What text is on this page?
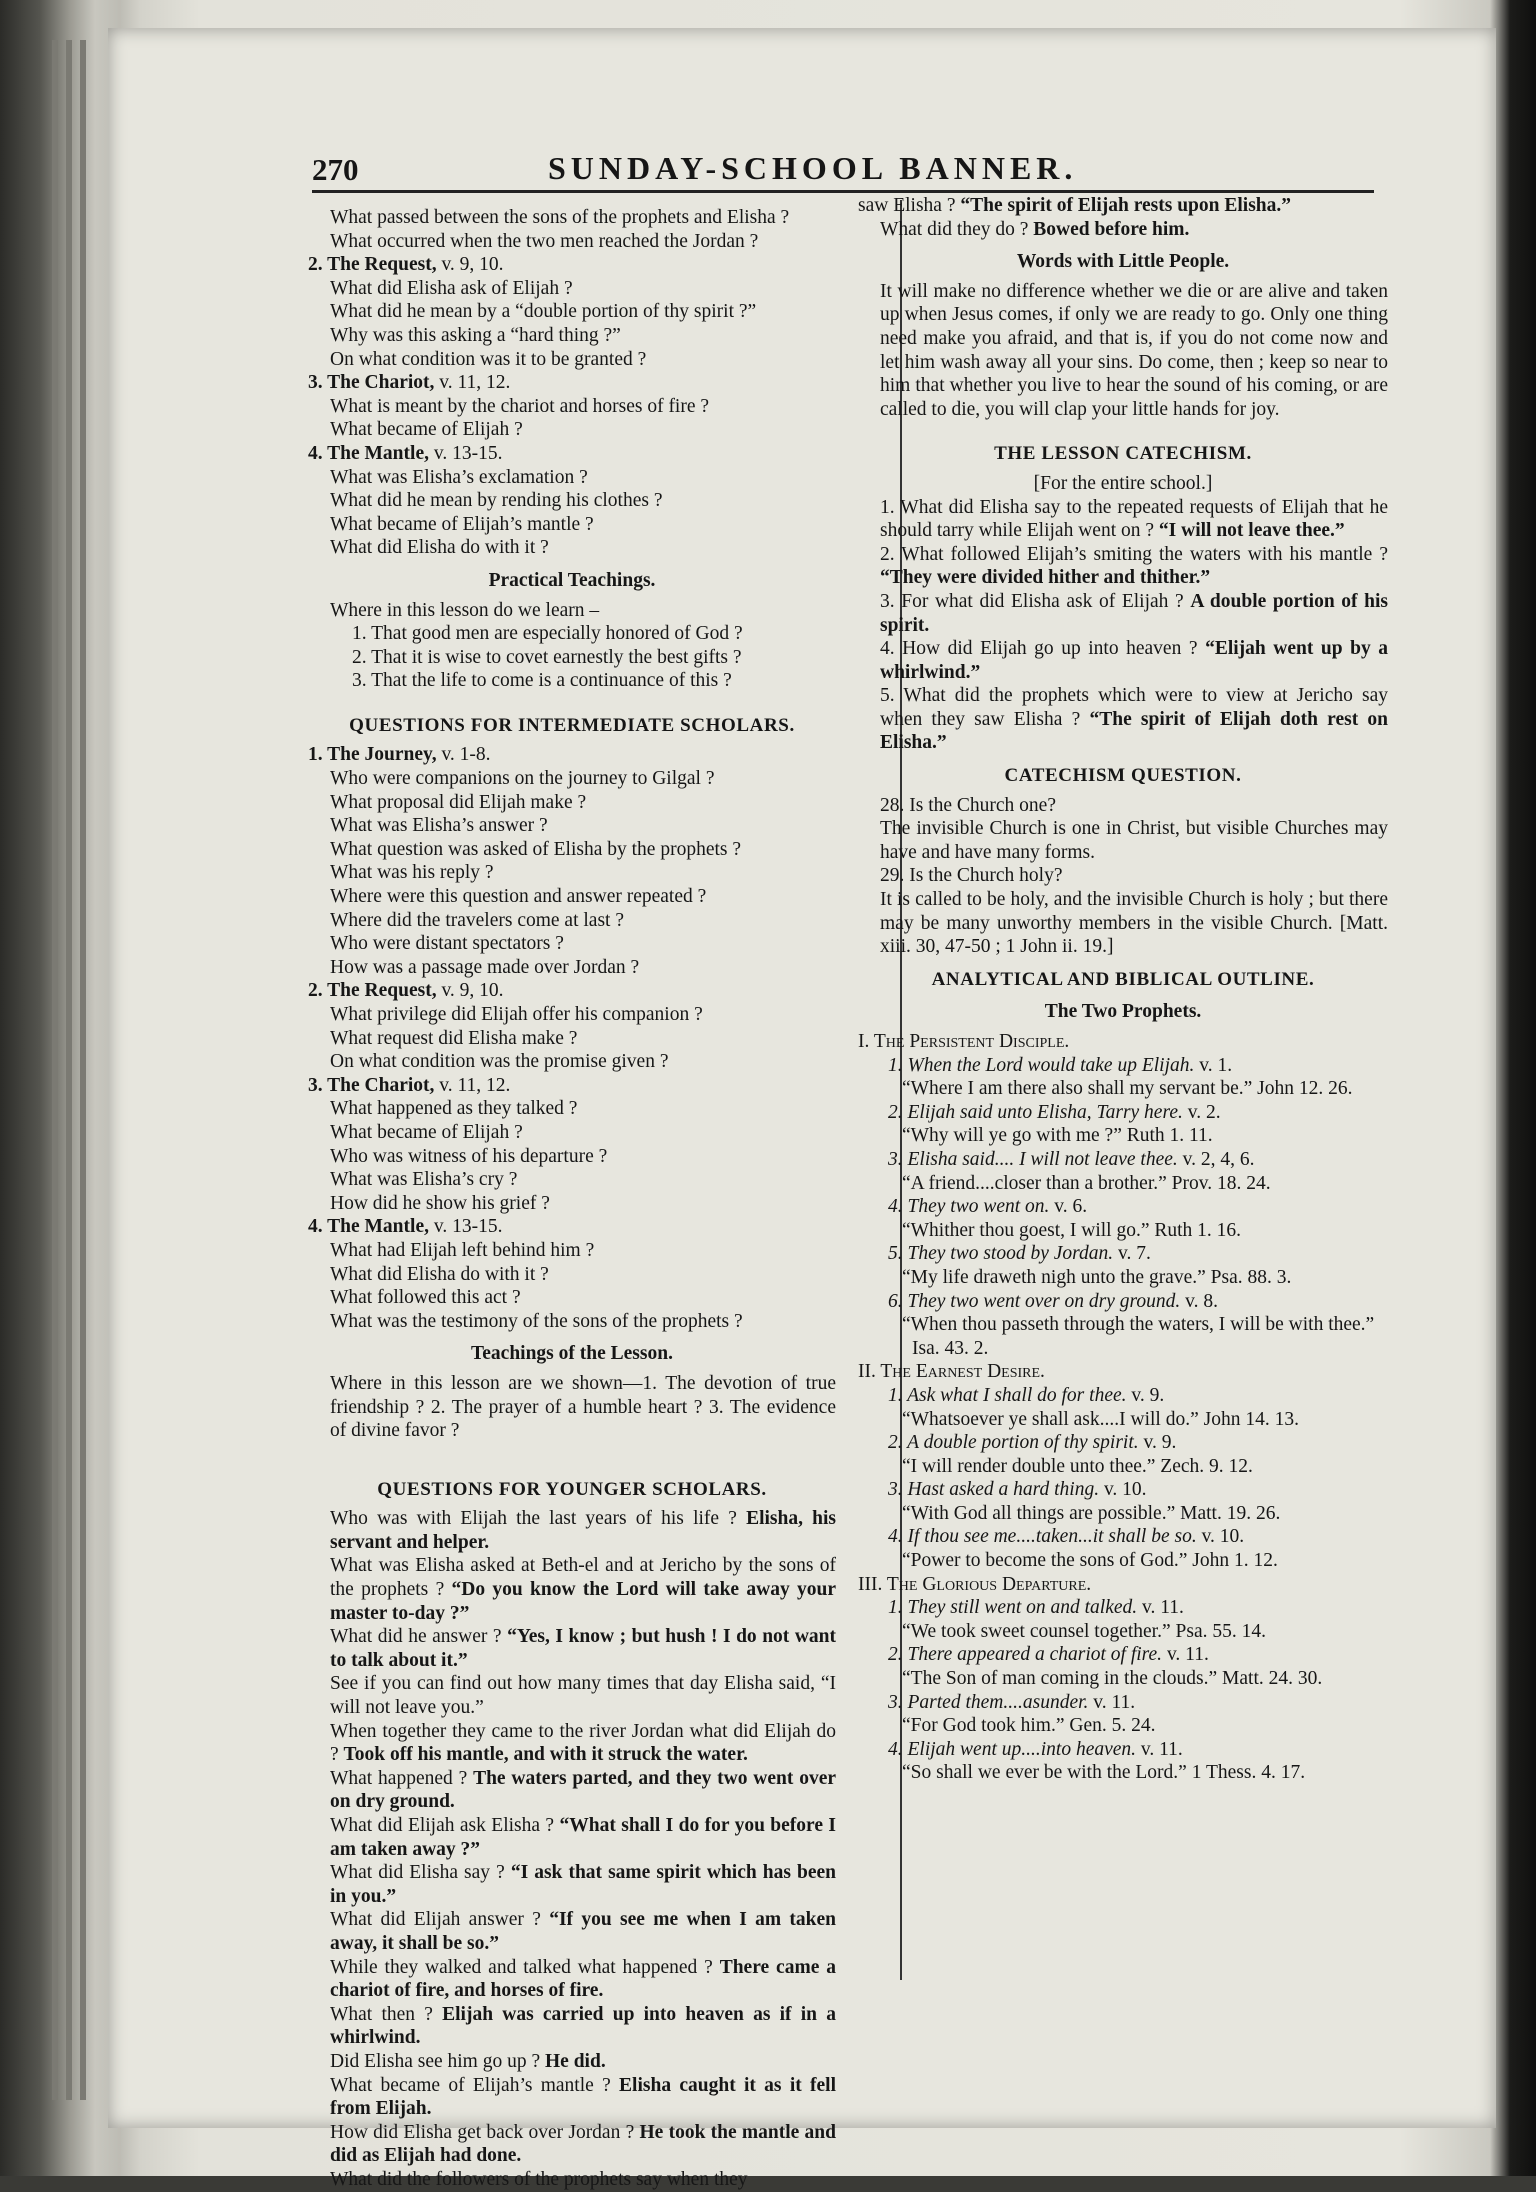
270	SUNDAY-SCHOOL BANNER.

What passed between the sons of the prophets and Elisha ?

What occurred when the two men reached the Jordan ?

2. The Request, v. 9, 10.

What did Elisha ask of Elijah ?

What did he mean by a “double portion of thy spirit ?”

Why was this asking a “hard thing ?”

On what condition was it to be granted ?

3. The Chariot, v. 11, 12.

What is meant by the chariot and horses of fire ?

What became of Elijah ?

4. The Mantle, v. 13-15.

What was Elisha’s exclamation ?

What did he mean by rending his clothes ?

What became of Elijah’s mantle ?

What did Elisha do with it ?

Practical Teachings.

Where in this lesson do we learn –

1. That good men are especially honored of God ?

2. That it is wise to covet earnestly the best gifts ?

3. That the life to come is a continuance of this ?

QUESTIONS FOR INTERMEDIATE SCHOLARS.

1. The Journey, v. 1-8.

Who were companions on the journey to Gilgal ?

What proposal did Elijah make ?

What was Elisha’s answer ?

What question was asked of Elisha by the prophets ?

What was his reply ?

Where were this question and answer repeated ?

Where did the travelers come at last ?

Who were distant spectators ?

How was a passage made over Jordan ?

2. The Request, v. 9, 10.

What privilege did Elijah offer his companion ?

What request did Elisha make ?

On what condition was the promise given ?

3. The Chariot, v. 11, 12.

What happened as they talked ?

What became of Elijah ?

Who was witness of his departure ?

What was Elisha’s cry ?

How did he show his grief ?

4. The Mantle, v. 13-15.

What had Elijah left behind him ?

What did Elisha do with it ?

What followed this act ?

What was the testimony of the sons of the prophets ?

Teachings of the Lesson.

Where in this lesson are we shown—1. The devotion of true friendship ? 2. The prayer of a humble heart ? 3. The evidence of divine favor ?

QUESTIONS FOR YOUNGER SCHOLARS.

Who was with Elijah the last years of his life ? Elisha, his servant and helper.

What was Elisha asked at Beth-el and at Jericho by the sons of the prophets ? “Do you know the Lord will take away your master to-day ?”

What did he answer ? “Yes, I know ; but hush ! I do not want to talk about it.”

See if you can find out how many times that day Elisha said, “I will not leave you.”

When together they came to the river Jordan what did Elijah do ? Took off his mantle, and with it struck the water.

What happened ? The waters parted, and they two went over on dry ground.

What did Elijah ask Elisha ? “What shall I do for you before I am taken away ?”

What did Elisha say ? “I ask that same spirit which has been in you.”

What did Elijah answer ? “If you see me when I am taken away, it shall be so.”

While they walked and talked what happened ? There came a chariot of fire, and horses of fire.

What then ? Elijah was carried up into heaven as if in a whirlwind.

Did Elisha see him go up ? He did.

What became of Elijah’s mantle ? Elisha caught it as it fell from Elijah.

How did Elisha get back over Jordan ? He took the mantle and did as Elijah had done.

What did the followers of the prophets say when they

saw Elisha ? “The spirit of Elijah rests upon Elisha.”

What did they do ? Bowed before him.

Words with Little People.

It will make no difference whether we die or are alive and taken up when Jesus comes, if only we are ready to go. Only one thing need make you afraid, and that is, if you do not come now and let him wash away all your sins. Do come, then ; keep so near to him that whether you live to hear the sound of his coming, or are called to die, you will clap your little hands for joy.

THE LESSON CATECHISM.

[For the entire school.]

1. What did Elisha say to the repeated requests of Elijah that he should tarry while Elijah went on ? “I will not leave thee.”

2. What followed Elijah’s smiting the waters with his mantle ? “They were divided hither and thither.”

3. For what did Elisha ask of Elijah ? A double portion of his spirit.

4. How did Elijah go up into heaven ? “Elijah went up by a whirlwind.”

5. What did the prophets which were to view at Jericho say when they saw Elisha ? “The spirit of Elijah doth rest on Elisha.”

CATECHISM QUESTION.

28. Is the Church one?

The invisible Church is one in Christ, but visible Churches may have and have many forms.

29. Is the Church holy?

It is called to be holy, and the invisible Church is holy ; but there may be many unworthy members in the visible Church. [Matt. xiii. 30, 47-50 ; 1 John ii. 19.]

ANALYTICAL AND BIBLICAL OUTLINE.

The Two Prophets.

I. The Persistent Disciple.

1. When the Lord would take up Elijah. v. 1.

“Where I am there also shall my servant be.” John 12. 26.

2. Elijah said unto Elisha, Tarry here. v. 2.

“Why will ye go with me ?” Ruth 1. 11.

3. Elisha said.... I will not leave thee. v. 2, 4, 6.

“A friend....closer than a brother.” Prov. 18. 24.

4. They two went on. v. 6.

“Whither thou goest, I will go.” Ruth 1. 16.

5. They two stood by Jordan. v. 7.

“My life draweth nigh unto the grave.” Psa. 88. 3.

6. They two went over on dry ground. v. 8.

“When thou passeth through the waters, I will be with thee.” Isa. 43. 2.

II. The Earnest Desire.

1. Ask what I shall do for thee. v. 9.

“Whatsoever ye shall ask....I will do.” John 14. 13.

2. A double portion of thy spirit. v. 9.

“I will render double unto thee.” Zech. 9. 12.

3. Hast asked a hard thing. v. 10.

“With God all things are possible.” Matt. 19. 26.

4. If thou see me....taken...it shall be so. v. 10.

“Power to become the sons of God.” John 1. 12.

III. The Glorious Departure.

1. They still went on and talked. v. 11.

“We took sweet counsel together.” Psa. 55. 14.

2. There appeared a chariot of fire. v. 11.

“The Son of man coming in the clouds.” Matt. 24. 30.

3. Parted them....asunder. v. 11.

“For God took him.” Gen. 5. 24.

4. Elijah went up....into heaven. v. 11.

“So shall we ever be with the Lord.” 1 Thess. 4. 17.
